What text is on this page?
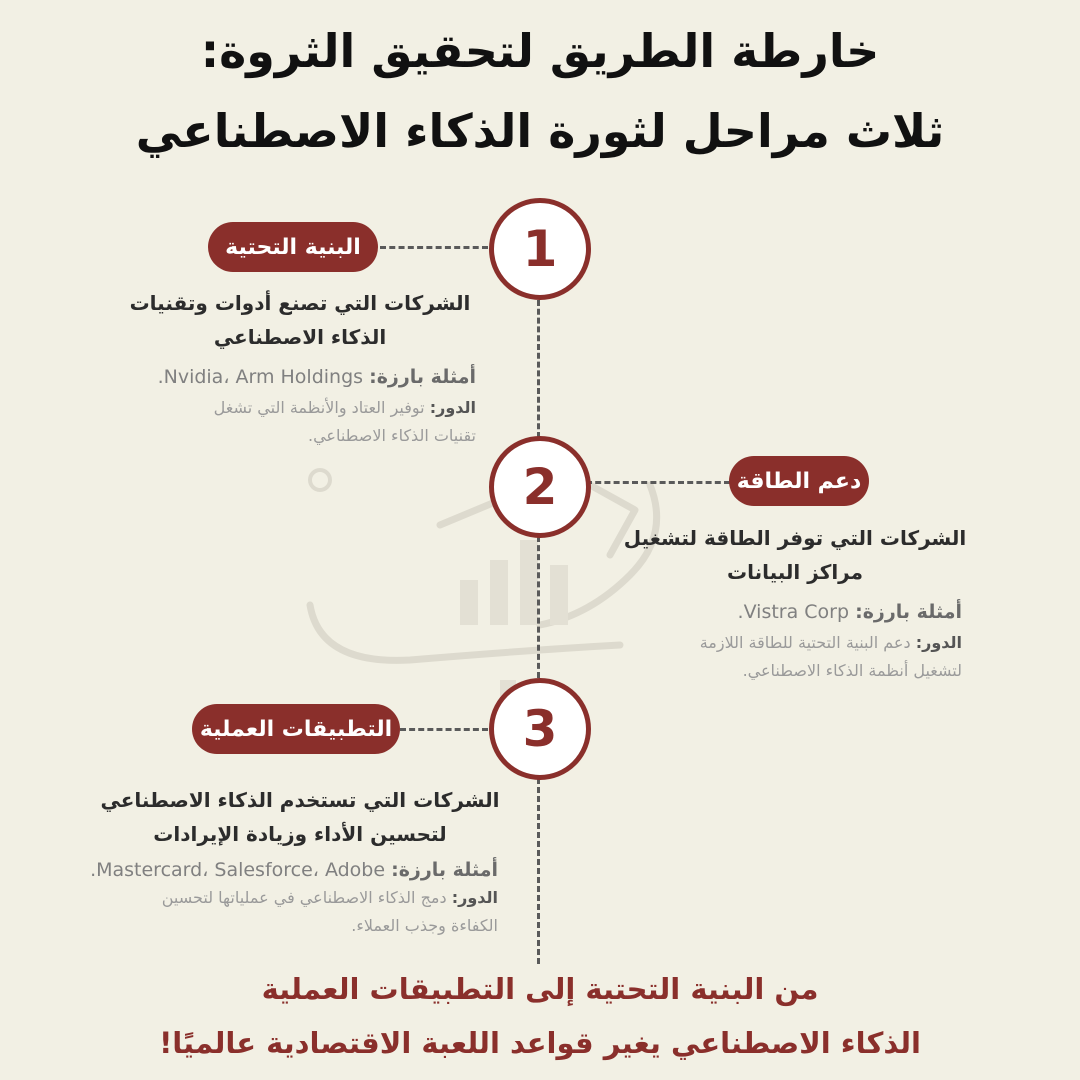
خارطة الطريق لتحقيق الثروة:
ثلاث مراحل لثورة الذكاء الاصطناعي
1
البنية التحتية
الشركات التي تصنع أدوات وتقنيات
الذكاء الاصطناعي
أمثلة بارزة: Nvidia، Arm Holdings.
الدور: توفير العتاد والأنظمة التي تشغل
تقنيات الذكاء الاصطناعي.
2	دعم الطاقة
الشركات التي توفر الطاقة لتشغيل
مراكز البيانات
أمثلة بارزة: Vistra Corp.
الدور: دعم البنية التحتية للطاقة اللازمة
لتشغيل أنظمة الذكاء الاصطناعي.
3
التطبيقات العملية
الشركات التي تستخدم الذكاء الاصطناعي
لتحسين الأداء وزيادة الإيرادات
أمثلة بارزة: Mastercard، Salesforce، Adobe.
الدور: دمج الذكاء الاصطناعي في عملياتها لتحسين
الكفاءة وجذب العملاء.
من البنية التحتية إلى التطبيقات العملية
الذكاء الاصطناعي يغير قواعد اللعبة الاقتصادية عالميًا!
